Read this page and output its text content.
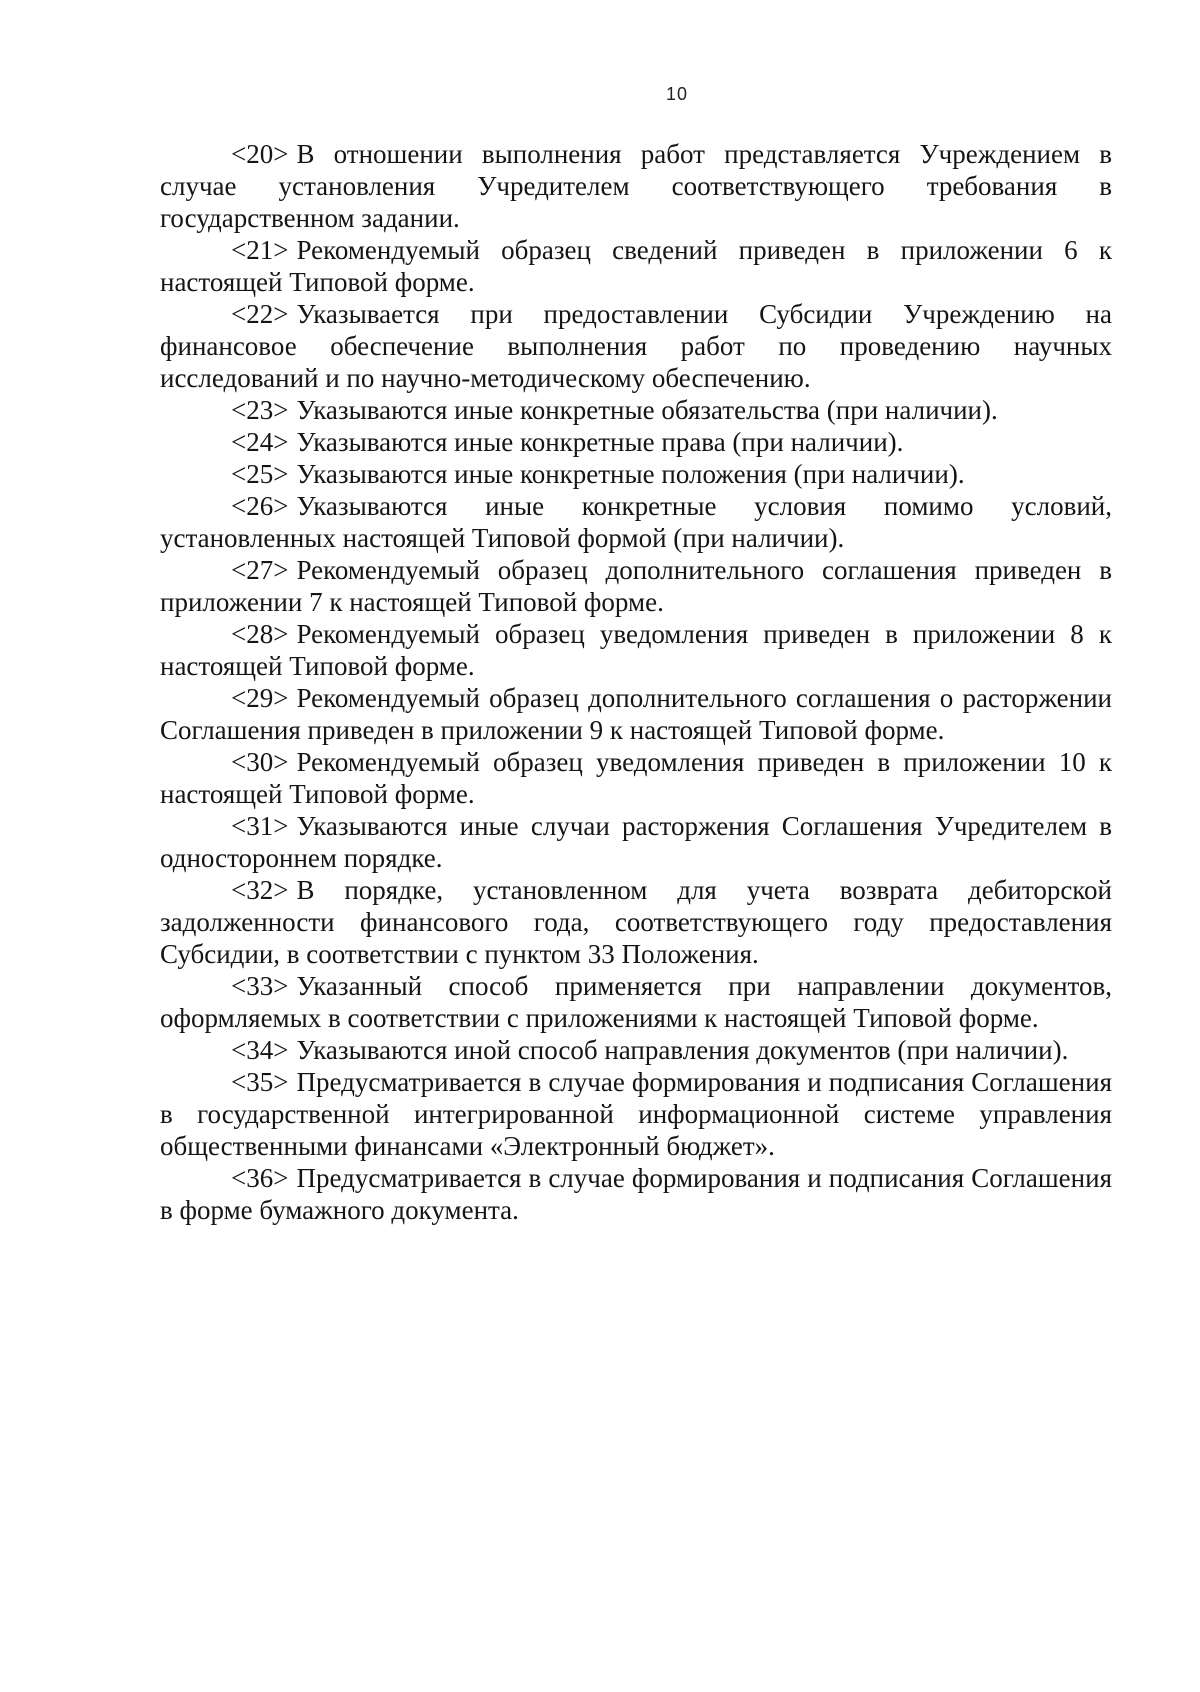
10

<20> В отношении выполнения работ представляется Учреждением в случае установления Учредителем соответствующего требования в государственном задании.

<21> Рекомендуемый образец сведений приведен в приложении 6 к настоящей Типовой форме.

<22> Указывается при предоставлении Субсидии Учреждению на финансовое обеспечение выполнения работ по проведению научных исследований и по научно-методическому обеспечению.

<23> Указываются иные конкретные обязательства (при наличии).

<24> Указываются иные конкретные права (при наличии).

<25> Указываются иные конкретные положения (при наличии).

<26> Указываются иные конкретные условия помимо условий, установленных настоящей Типовой формой (при наличии).

<27> Рекомендуемый образец дополнительного соглашения приведен в приложении 7 к настоящей Типовой форме.

<28> Рекомендуемый образец уведомления приведен в приложении 8 к настоящей Типовой форме.

<29> Рекомендуемый образец дополнительного соглашения о расторжении Соглашения приведен в приложении 9 к настоящей Типовой форме.

<30> Рекомендуемый образец уведомления приведен в приложении 10 к настоящей Типовой форме.

<31> Указываются иные случаи расторжения Соглашения Учредителем в одностороннем порядке.

<32> В порядке, установленном для учета возврата дебиторской задолженности финансового года, соответствующего году предоставления Субсидии, в соответствии с пунктом 33 Положения.

<33> Указанный способ применяется при направлении документов, оформляемых в соответствии с приложениями к настоящей Типовой форме.

<34> Указываются иной способ направления документов (при наличии).

<35> Предусматривается в случае формирования и подписания Соглашения в государственной интегрированной информационной системе управления общественными финансами «Электронный бюджет».

<36> Предусматривается в случае формирования и подписания Соглашения в форме бумажного документа.
